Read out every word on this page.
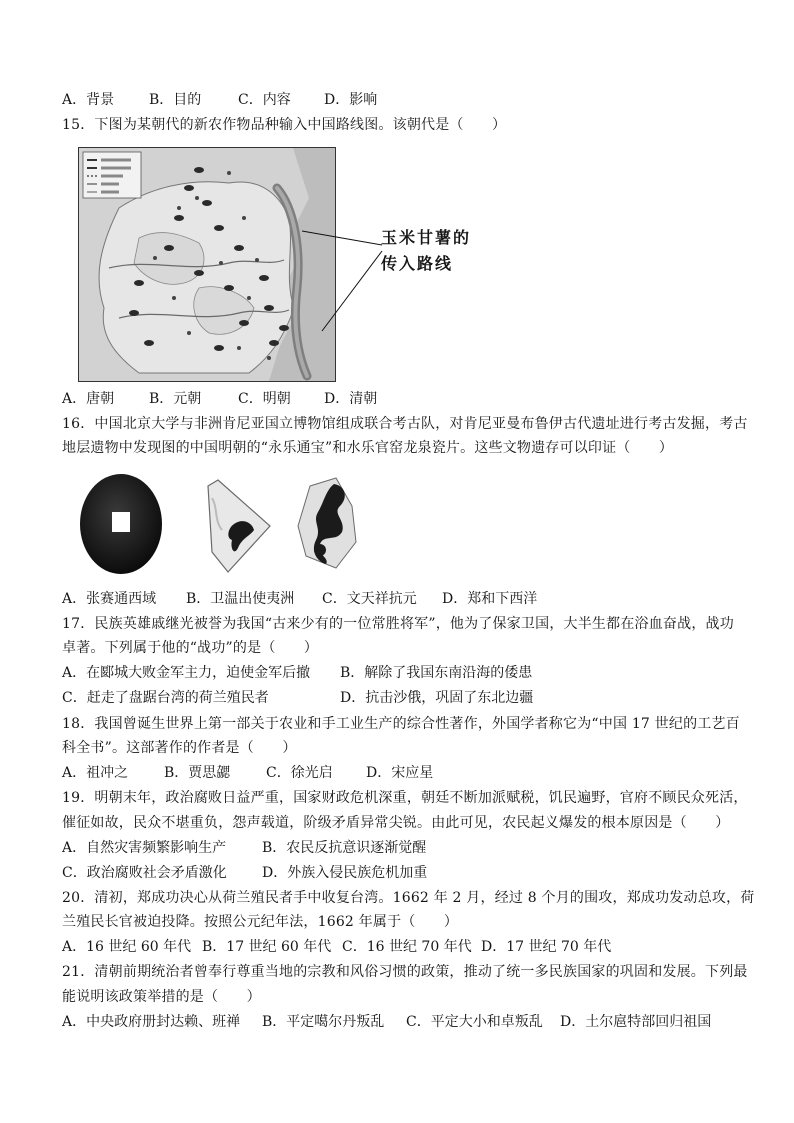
A．背景 B．目的	C．内容 D．影响
15．下图为某朝代的新农作物品种输入中国路线图。该朝代是（　　）
玉米甘薯的
传入路线
A．唐朝 B．元朝	C．明朝 D．清朝
16．中国北京大学与非洲肯尼亚国立博物馆组成联合考古队，对肯尼亚曼布鲁伊古代遗址进行考古发掘，考古
地层遗物中发现图的中国明朝的“永乐通宝”和水乐官窑龙泉瓷片。这些文物遗存可以印证（　　）
A．张赛通西域 B．卫温出使夷洲 C．文天祥抗元 D．郑和下西洋
17．民族英雄戚继光被誉为我国“古来少有的一位常胜将军”，他为了保家卫国，大半生都在浴血奋战，战功
卓著。下列属于他的“战功”的是（　　）
A．在郾城大败金军主力，迫使金军后撤 B．解除了我国东南沿海的倭患
C．赶走了盘踞台湾的荷兰殖民者	D．抗击沙俄，巩固了东北边疆
18．我国曾诞生世界上第一部关于农业和手工业生产的综合性著作，外国学者称它为“中国 17 世纪的工艺百
科全书”。这部著作的作者是（　　）
A．祖冲之	B．贾思勰	C．徐光启 D．宋应星
19．明朝末年，政治腐败日益严重，国家财政危机深重，朝廷不断加派赋税，饥民遍野，官府不顾民众死活，
催征如故，民众不堪重负，怨声载道，阶级矛盾异常尖锐。由此可见，农民起义爆发的根本原因是（　　）
A．自然灾害频繁影响生产	B．农民反抗意识逐渐觉醒
C．政治腐败社会矛盾激化	D．外族入侵民族危机加重
20．清初，郑成功决心从荷兰殖民者手中收复台湾。1662 年 2 月，经过 8 个月的围攻，郑成功发动总攻，荷
兰殖民长官被迫投降。按照公元纪年法，1662 年属于（　　）
A．16 世纪 60 年代 B．17 世纪 60 年代 C．16 世纪 70 年代 D．17 世纪 70 年代
21．清朝前期统治者曾奉行尊重当地的宗教和风俗习惯的政策，推动了统一多民族国家的巩固和发展。下列最
能说明该政策举措的是（　　）
A．中央政府册封达赖、班禅 B．平定噶尔丹叛乱 C．平定大小和卓叛乱 D．土尔扈特部回归祖国
